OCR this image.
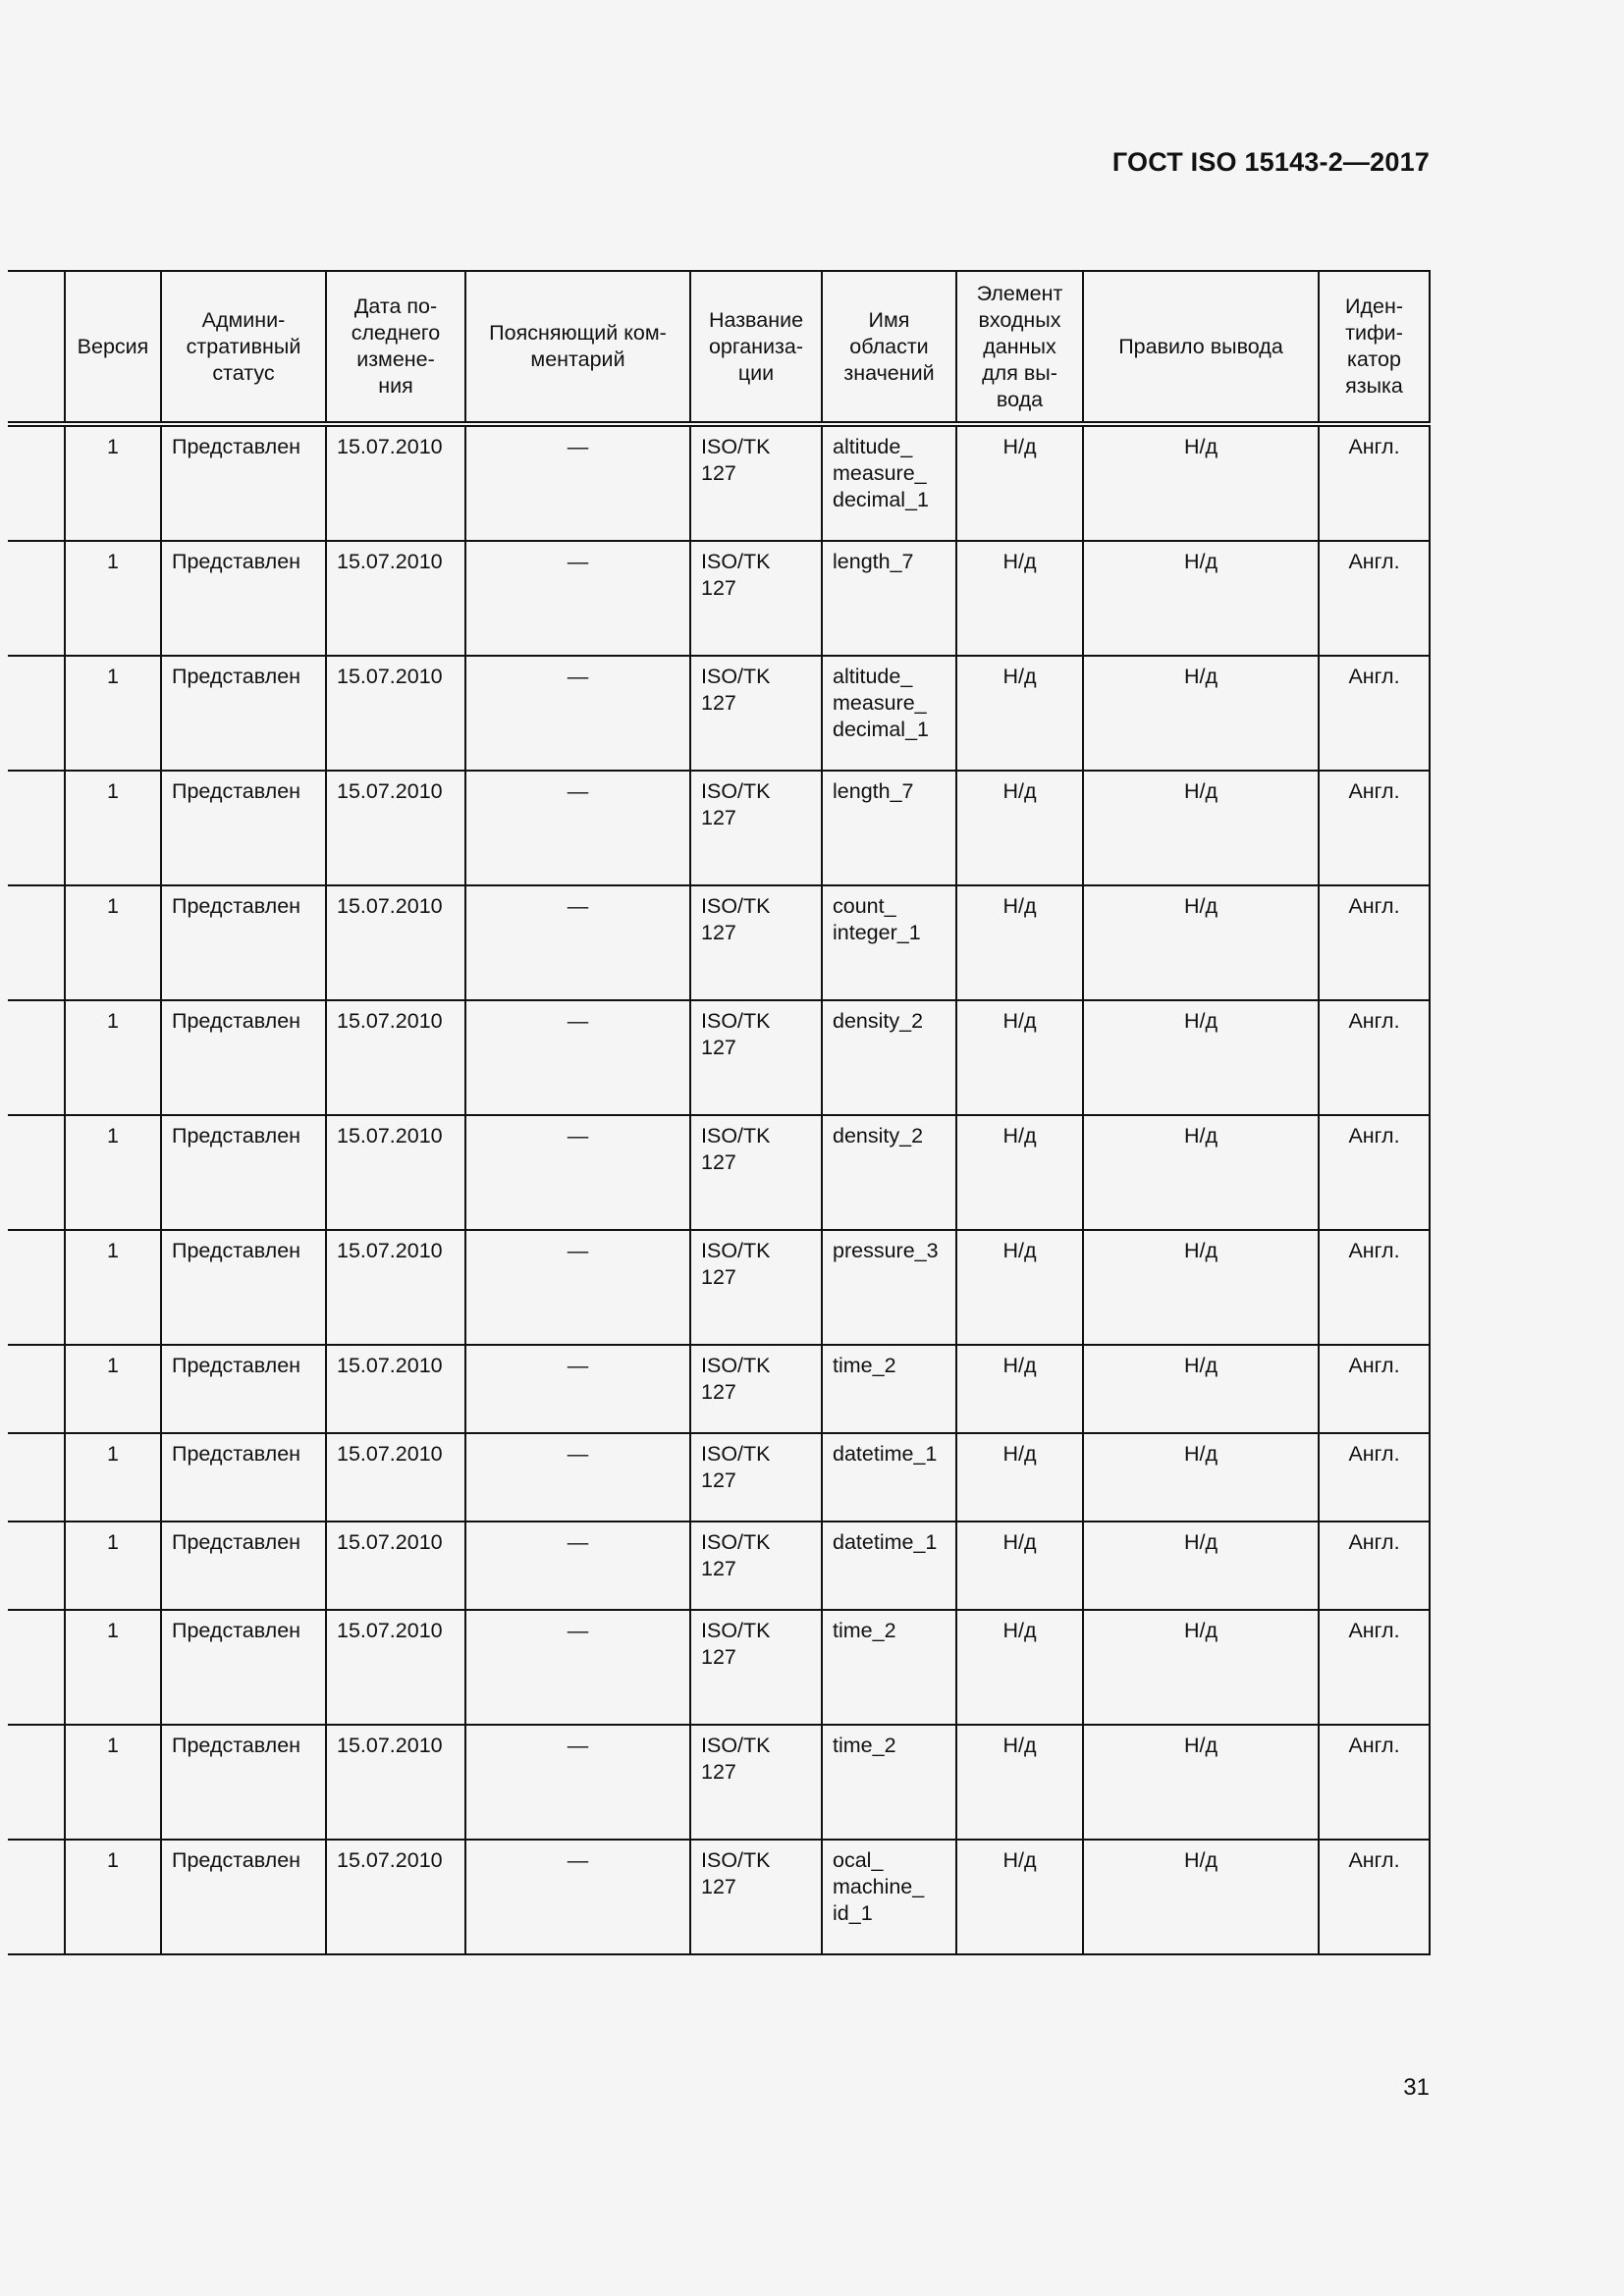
ГОСТ ISO 15143-2—2017
	Версия	Админи-
стративный
статус	Дата по-
следнего
измене-
ния	Поясняющий ком-
ментарий	Название
организа-
ции	Имя
области
значений	Элемент
входных
данных
для вы-
вода	Правило вывода	Иден-
тифи-
катор
языка
	1	Представлен	15.07.2010	—	ISO/TK
127	altitude_
measure_
decimal_1	Н/д	Н/д	Англ.
	1	Представлен	15.07.2010	—	ISO/TK
127	length_7	Н/д	Н/д	Англ.
	1	Представлен	15.07.2010	—	ISO/TK
127	altitude_
measure_
decimal_1	Н/д	Н/д	Англ.
	1	Представлен	15.07.2010	—	ISO/TK
127	length_7	Н/д	Н/д	Англ.
	1	Представлен	15.07.2010	—	ISO/TK
127	count_
integer_1	Н/д	Н/д	Англ.
	1	Представлен	15.07.2010	—	ISO/TK
127	density_2	Н/д	Н/д	Англ.
	1	Представлен	15.07.2010	—	ISO/TK
127	density_2	Н/д	Н/д	Англ.
	1	Представлен	15.07.2010	—	ISO/TK
127	pressure_3	Н/д	Н/д	Англ.
	1	Представлен	15.07.2010	—	ISO/TK
127	time_2	Н/д	Н/д	Англ.
	1	Представлен	15.07.2010	—	ISO/TK
127	datetime_1	Н/д	Н/д	Англ.
	1	Представлен	15.07.2010	—	ISO/TK
127	datetime_1	Н/д	Н/д	Англ.
	1	Представлен	15.07.2010	—	ISO/TK
127	time_2	Н/д	Н/д	Англ.
	1	Представлен	15.07.2010	—	ISO/TK
127	time_2	Н/д	Н/д	Англ.
	1	Представлен	15.07.2010	—	ISO/TK
127	ocal_
machine_
id_1	Н/д	Н/д	Англ.
31
